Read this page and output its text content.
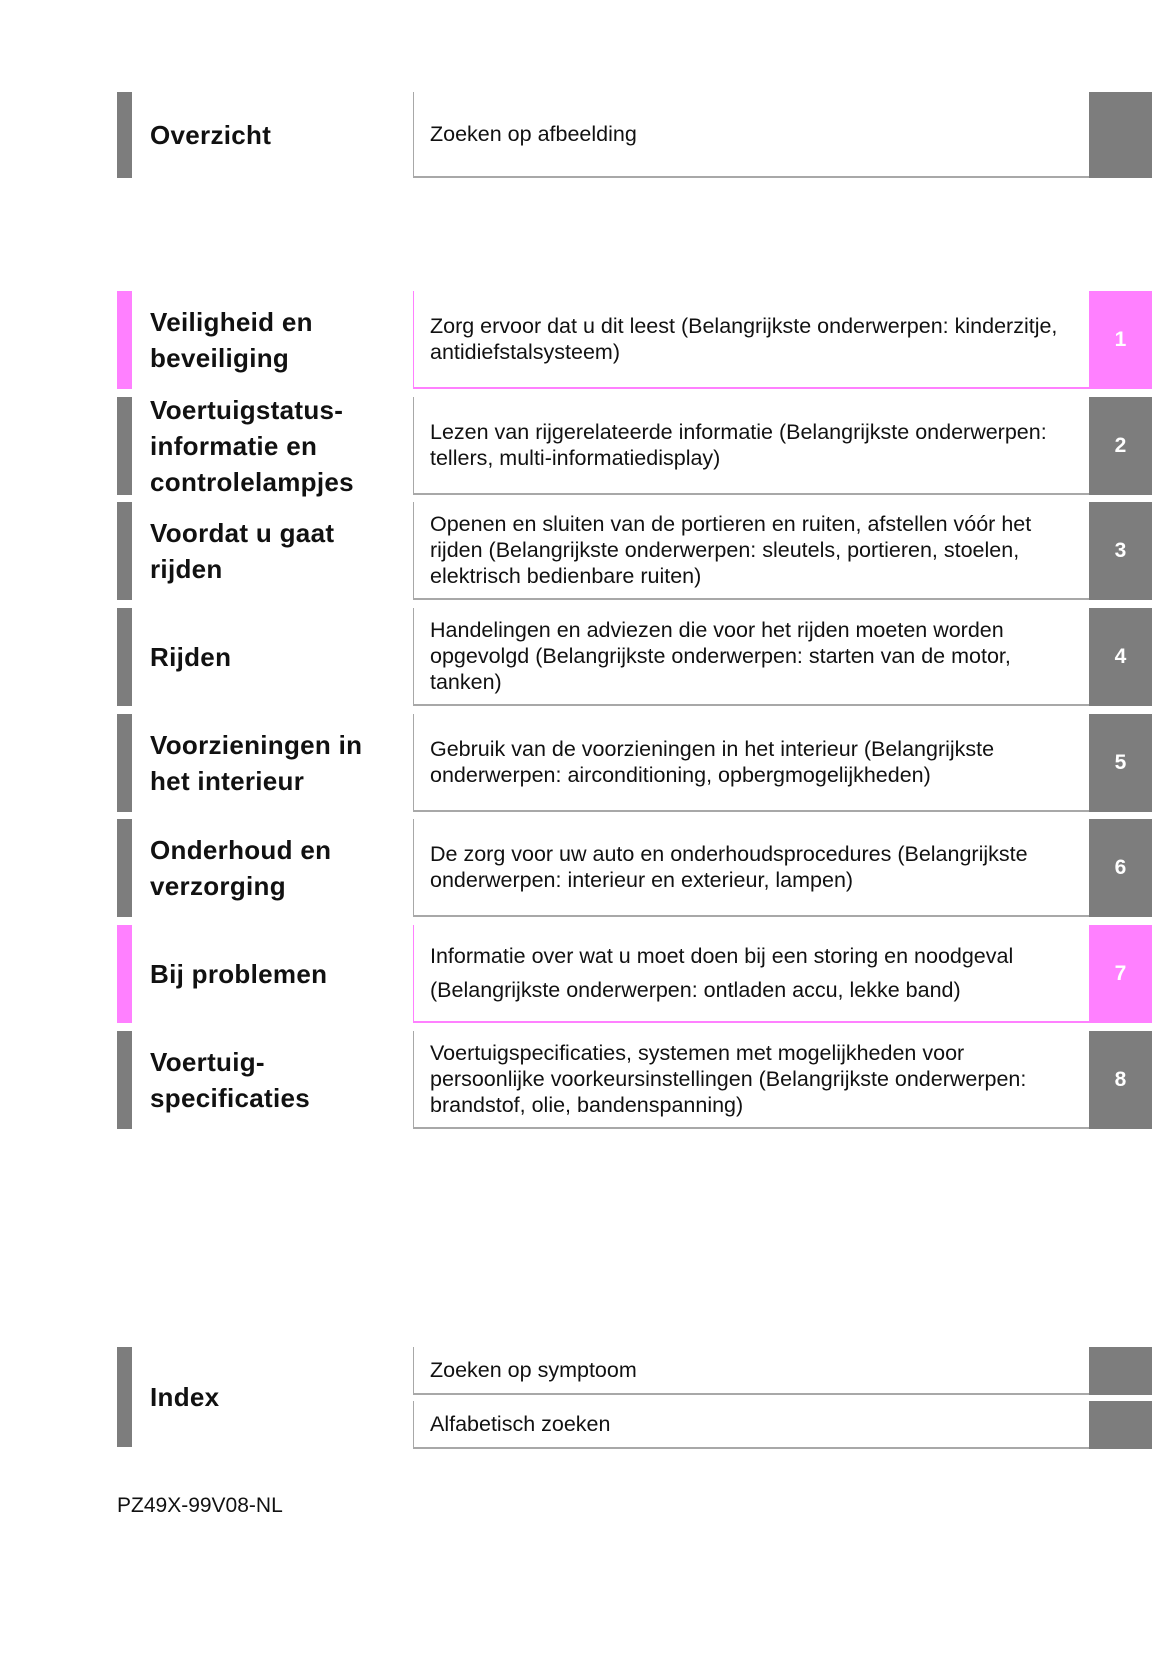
Overzicht	Zoeken op afbeelding
Veiligheid en beveiliging
Zorg ervoor dat u dit leest (Belangrijkste onderwerpen: kinderzitje, antidiefstalsysteem)
1
Voertuigstatus-informatie en controlelampjes
Lezen van rijgerelateerde informatie (Belangrijkste onderwerpen: tellers, multi-informatiedisplay)
2
Voordat u gaat rijden
Openen en sluiten van de portieren en ruiten, afstellen vóór het rijden (Belangrijkste onderwerpen: sleutels, portieren, stoelen, elektrisch bedienbare ruiten)
3
Rijden
Handelingen en adviezen die voor het rijden moeten worden opgevolgd (Belangrijkste onderwerpen: starten van de motor, tanken)
4
Voorzieningen in het interieur
Gebruik van de voorzieningen in het interieur (Belangrijkste onderwerpen: airconditioning, opbergmogelijkheden)
5
Onderhoud en verzorging
De zorg voor uw auto en onderhoudsprocedures (Belangrijkste onderwerpen: interieur en exterieur, lampen)
6
Bij problemen
Informatie over wat u moet doen bij een storing en noodgeval (Belangrijkste onderwerpen: ontladen accu, lekke band)
7
Voertuig-specificaties
Voertuigspecificaties, systemen met mogelijkheden voor persoonlijke voorkeursinstellingen (Belangrijkste onderwerpen: brandstof, olie, bandenspanning)
8
Index
Zoeken op symptoom
Alfabetisch zoeken
PZ49X-99V08-NL
